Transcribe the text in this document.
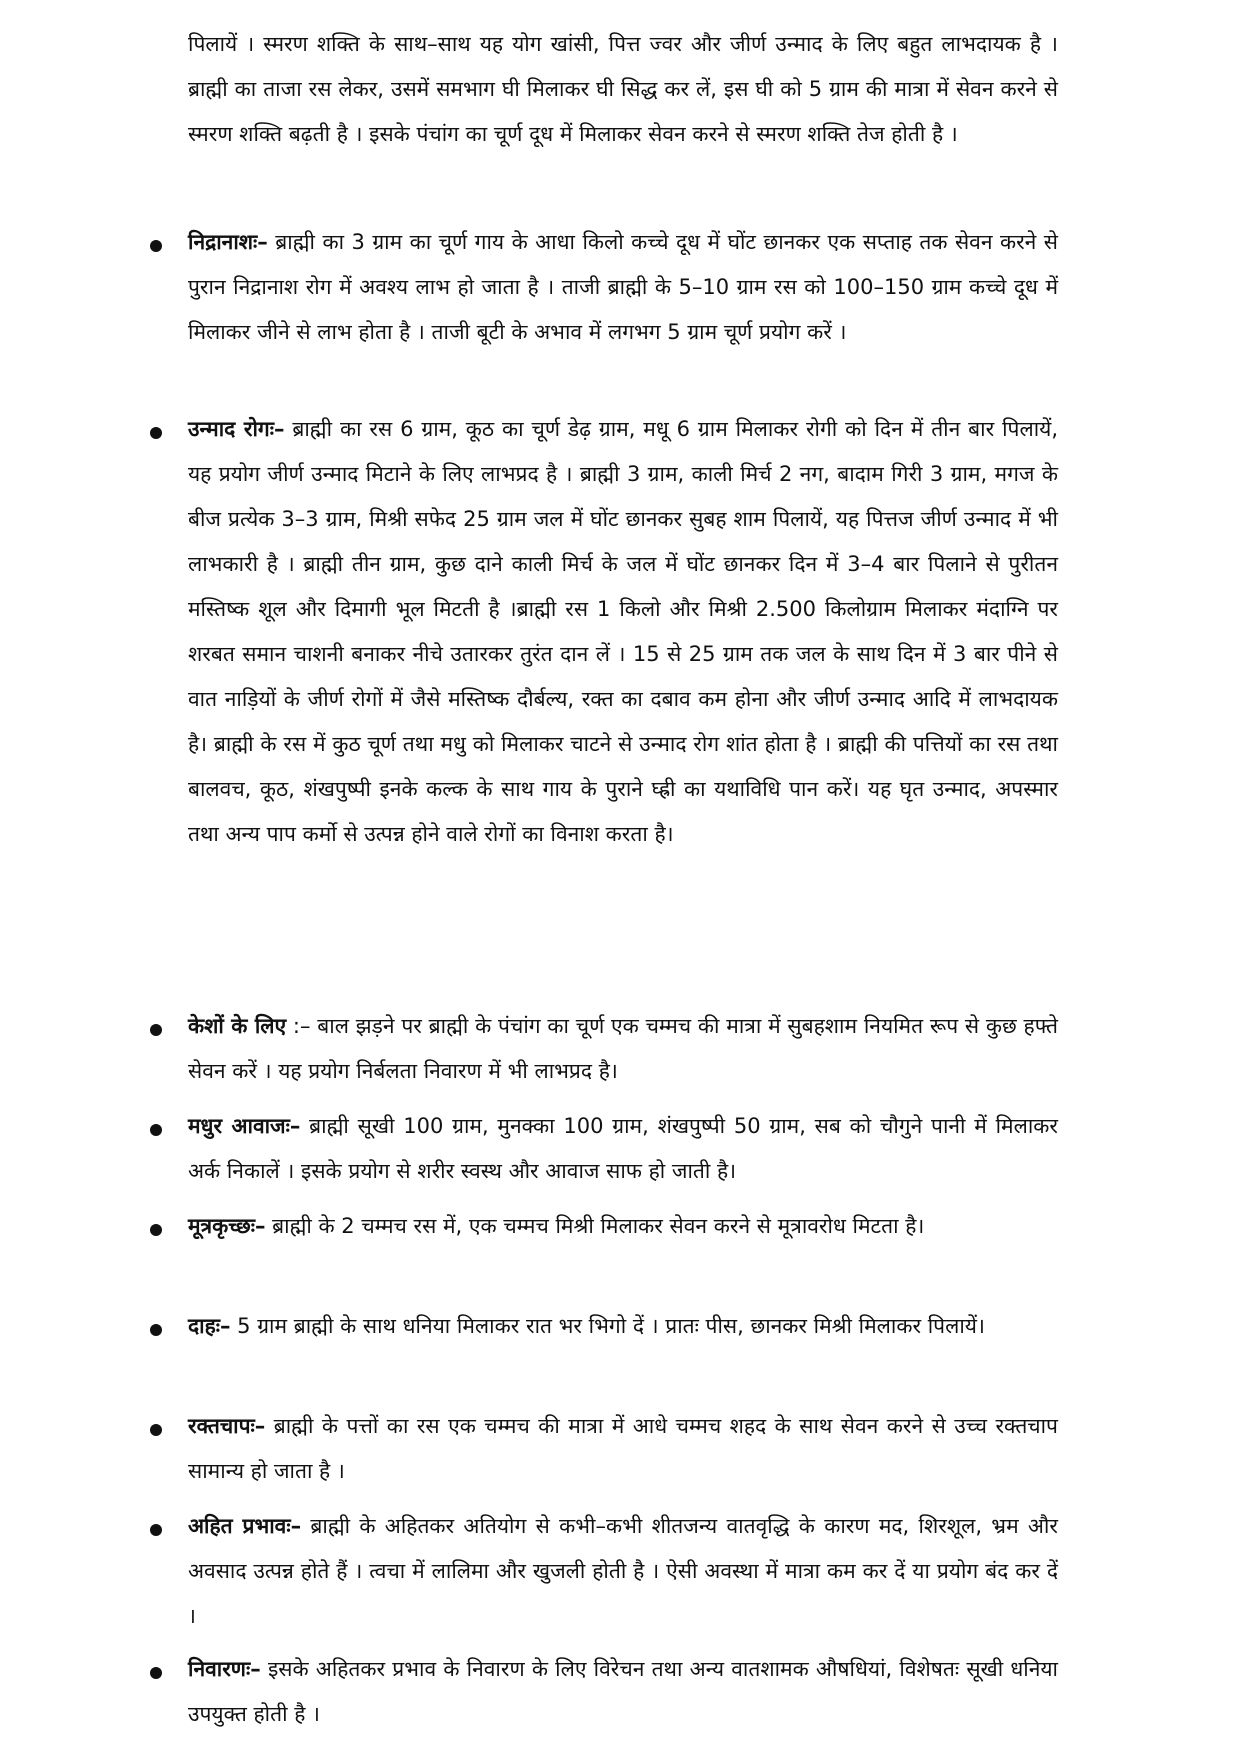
पिलायें । स्मरण शक्ति के साथ–साथ यह योग खांसी, पित्त ज्वर और जीर्ण उन्माद के लिए बहुत लाभदायक है । ब्राह्मी का ताजा रस लेकर, उसमें समभाग घी मिलाकर घी सिद्ध कर लें, इस घी को 5 ग्राम की मात्रा में सेवन करने से स्मरण शक्ति बढ़ती है । इसके पंचांग का चूर्ण दूध में मिलाकर सेवन करने से स्मरण शक्ति तेज होती है ।
निद्रानाशः– ब्राह्मी का 3 ग्राम का चूर्ण गाय के आधा किलो कच्चे दूध में घोंट छानकर एक सप्ताह तक सेवन करने से पुरान निद्रानाश रोग में अवश्य लाभ हो जाता है । ताजी ब्राह्मी के 5–10 ग्राम रस को 100–150 ग्राम कच्चे दूध में मिलाकर जीने से लाभ होता है । ताजी बूटी के अभाव में लगभग 5 ग्राम चूर्ण प्रयोग करें ।
उन्माद रोगः– ब्राह्मी का रस 6 ग्राम, कूठ का चूर्ण डेढ़ ग्राम, मधू 6 ग्राम मिलाकर रोगी को दिन में तीन बार पिलायें, यह प्रयोग जीर्ण उन्माद मिटाने के लिए लाभप्रद है । ब्राह्मी 3 ग्राम, काली मिर्च 2 नग, बादाम गिरी 3 ग्राम, मगज के बीज प्रत्येक 3–3 ग्राम, मिश्री सफेद 25 ग्राम जल में घोंट छानकर सुबह शाम पिलायें, यह पित्तज जीर्ण उन्माद में भी लाभकारी है । ब्राह्मी तीन ग्राम, कुछ दाने काली मिर्च के जल में घोंट छानकर दिन में 3–4 बार पिलाने से पुरीतन मस्तिष्क शूल और दिमागी भूल मिटती है ।ब्राह्मी रस 1 किलो और मिश्री 2.500 किलोग्राम मिलाकर मंदाग्नि पर शरबत समान चाशनी बनाकर नीचे उतारकर तुरंत दान लें । 15 से 25 ग्राम तक जल के साथ दिन में 3 बार पीने से वात नाड़ियों के जीर्ण रोगों में जैसे मस्तिष्क दौर्बल्य, रक्त का दबाव कम होना और जीर्ण उन्माद आदि में लाभदायक है। ब्राह्मी के रस में कुठ चूर्ण तथा मधु को मिलाकर चाटने से उन्माद रोग शांत होता है । ब्राह्मी की पत्तियों का रस तथा बालवच, कूठ, शंखपुष्पी इनके कल्क के साथ गाय के पुराने घ्ह्री का यथाविधि पान करें। यह घृत उन्माद, अपस्मार तथा अन्य पाप कर्मो से उत्पन्न होने वाले रोगों का विनाश करता है।
केशों के लिए :– बाल झड़ने पर ब्राह्मी के पंचांग का चूर्ण एक चम्मच की मात्रा में सुबहशाम नियमित रूप से कुछ हफ्ते सेवन करें । यह प्रयोग निर्बलता निवारण में भी लाभप्रद है।
मधुर आवाजः– ब्राह्मी सूखी 100 ग्राम, मुनक्का 100 ग्राम, शंखपुष्पी 50 ग्राम, सब को चौगुने पानी में मिलाकर अर्क निकालें । इसके प्रयोग से शरीर स्वस्थ और आवाज साफ हो जाती है।
मूत्रकृच्छः– ब्राह्मी के 2 चम्मच रस में, एक चम्मच मिश्री मिलाकर सेवन करने से मूत्रावरोध मिटता है।
दाहः– 5 ग्राम ब्राह्मी के साथ धनिया मिलाकर रात भर भिगो दें । प्रातः पीस, छानकर मिश्री मिलाकर पिलायें।
रक्तचापः– ब्राह्मी के पत्तों का रस एक चम्मच की मात्रा में आधे चम्मच शहद के साथ सेवन करने से उच्च रक्तचाप सामान्य हो जाता है ।
अहित प्रभावः– ब्राह्मी के अहितकर अतियोग से कभी–कभी शीतजन्य वातवृद्धि के कारण मद, शिरशूल, भ्रम और अवसाद उत्पन्न होते हैं । त्वचा में लालिमा और खुजली होती है । ऐसी अवस्था में मात्रा कम कर दें या प्रयोग बंद कर दें ।
निवारणः– इसके अहितकर प्रभाव के निवारण के लिए विरेचन तथा अन्य वातशामक औषधियां, विशेषतः सूखी धनिया उपयुक्त होती है ।
